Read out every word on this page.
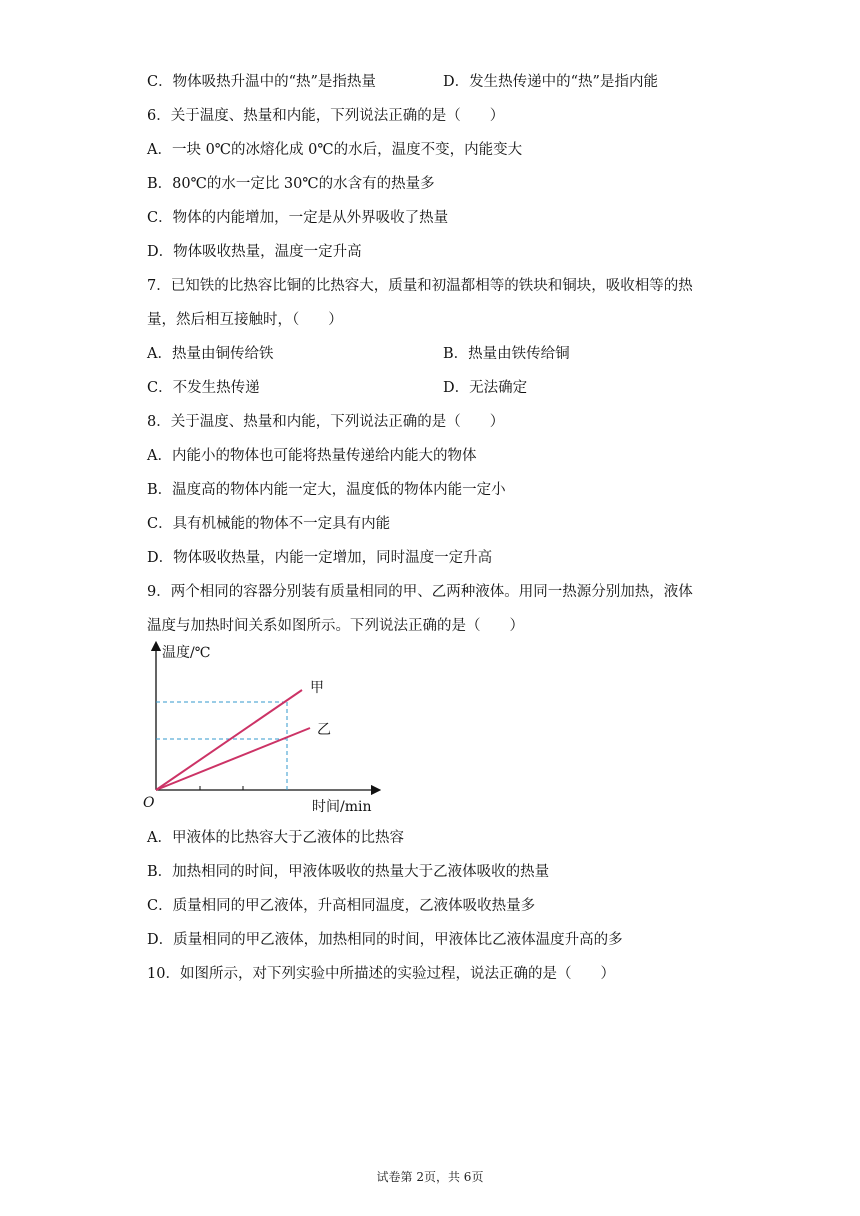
C．物体吸热升温中的“热”是指热量	D．发生热传递中的“热”是指内能
6．关于温度、热量和内能，下列说法正确的是（　　）
A．一块 0℃的冰熔化成 0℃的水后，温度不变，内能变大
B．80℃的水一定比 30℃的水含有的热量多
C．物体的内能增加，一定是从外界吸收了热量
D．物体吸收热量，温度一定升高
7．已知铁的比热容比铜的比热容大，质量和初温都相等的铁块和铜块，吸收相等的热
量，然后相互接触时，（　　）
A．热量由铜传给铁	B．热量由铁传给铜
C．不发生热传递	D．无法确定
8．关于温度、热量和内能，下列说法正确的是（　　）
A．内能小的物体也可能将热量传递给内能大的物体
B．温度高的物体内能一定大，温度低的物体内能一定小
C．具有机械能的物体不一定具有内能
D．物体吸收热量，内能一定增加，同时温度一定升高
9．两个相同的容器分别装有质量相同的甲、乙两种液体。用同一热源分别加热，液体
温度与加热时间关系如图所示。下列说法正确的是（　　）
温度/℃
甲
乙
O	时间/min
A．甲液体的比热容大于乙液体的比热容
B．加热相同的时间，甲液体吸收的热量大于乙液体吸收的热量
C．质量相同的甲乙液体，升高相同温度，乙液体吸收热量多
D．质量相同的甲乙液体，加热相同的时间，甲液体比乙液体温度升高的多
10．如图所示，对下列实验中所描述的实验过程，说法正确的是（　　）
试卷第 2页，共 6页
